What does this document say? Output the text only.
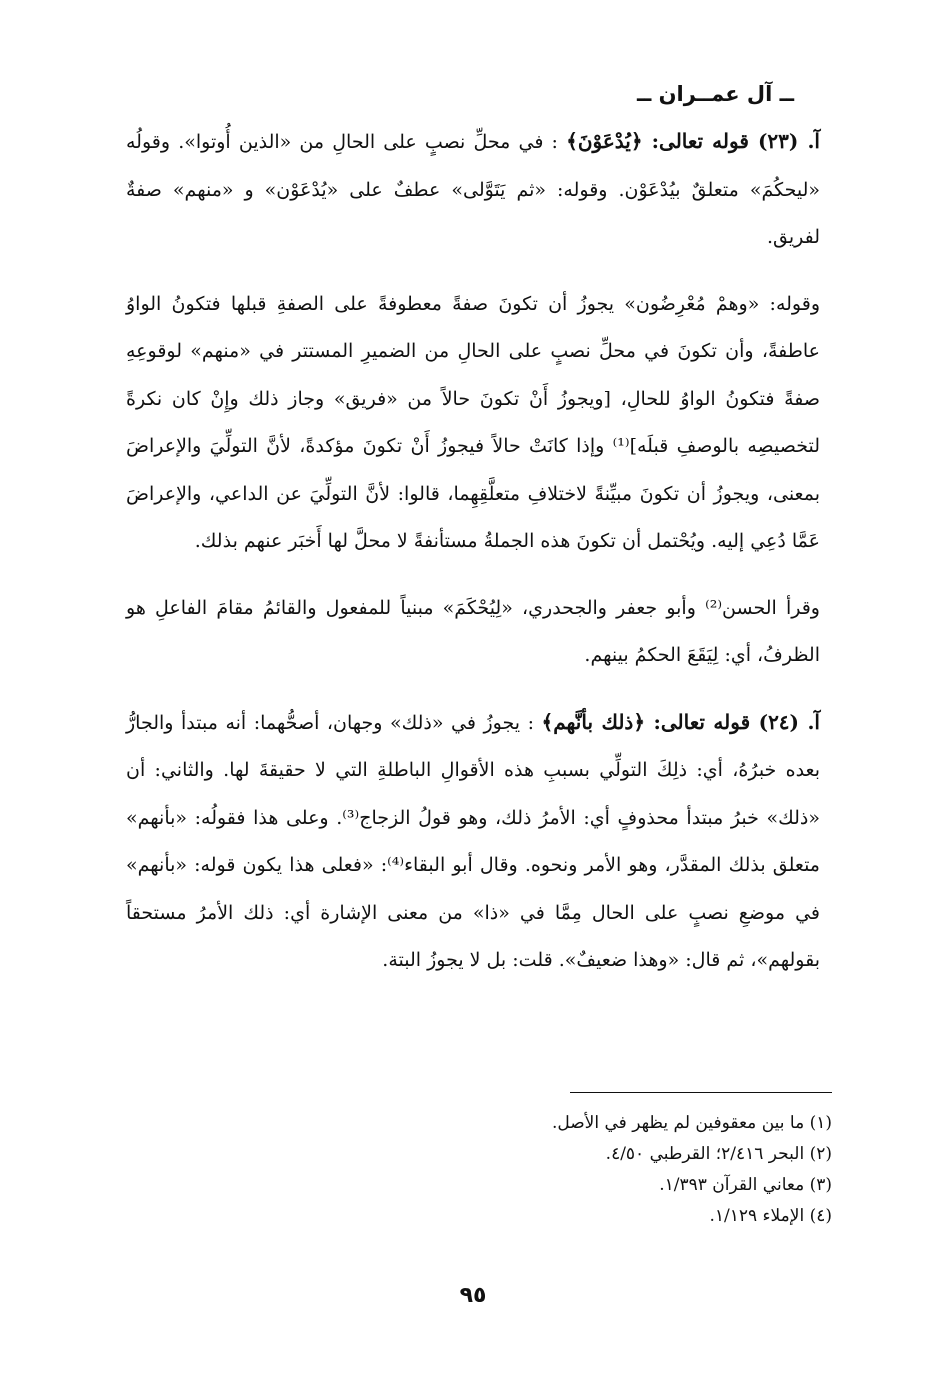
ــ آل عمــران ــ

آ. (٢٣) قوله تعالى: ﴿يُدْعَوْنَ﴾ : في محلِّ نصبٍ على الحالِ من «الذين أُوتوا». وقولُه «ليحكُمَ» متعلقٌ بيُدْعَوْن. وقوله: «ثم يَتَوَّلى» عطفٌ على «يُدْعَوْن» و «منهم» صفةٌ لفريق.

وقوله: «وهمْ مُعْرِضُون» يجوزُ أن تكونَ صفةً معطوفةً على الصفةِ قبلها فتكونُ الواوُ عاطفةً، وأن تكونَ في محلِّ نصبٍ على الحالِ من الضميرِ المستتر في «منهم» لوقوعِهِ صفةً فتكونُ الواوُ للحالِ، [ويجوزُ أَنْ تكونَ حالاً من «فريق» وجاز ذلك وإِنْ كان نكرةً لتخصيصِه بالوصفِ قبلَه]⁽¹⁾ وإذا كانَتْ حالاً فيجوزُ أَنْ تكونَ مؤكدةً، لأنَّ التولِّيَ والإعراضَ بمعنى، ويجوزُ أن تكونَ مبيِّنةً لاختلافِ متعلَّقِهِما، قالوا: لأنَّ التولِّيَ عن الداعي، والإعراضَ عَمَّا دُعِي إليه. ويُحْتمل أن تكونَ هذه الجملةُ مستأنفةً لا محلَّ لها أَخبَر عنهم بذلك.

وقرأ الحسن⁽²⁾ وأبو جعفر والجحدري، «لِيُحْكَمَ» مبنياً للمفعول والقائمُ مقامَ الفاعلِ هو الظرفُ، أي: لِيَقَعَ الحكمُ بينهم.

آ. (٢٤) قوله تعالى: ﴿ذلك بأنَّهم﴾ : يجوزُ في «ذلك» وجهان، أصحُّهما: أنه مبتدأ والجارُّ بعده خبرُهُ، أي: ذلِكَ التولِّي بسببِ هذه الأقوالِ الباطلةِ التي لا حقيقةَ لها. والثاني: أن «ذلك» خبرُ مبتدأ محذوفٍ أي: الأمرُ ذلك، وهو قولُ الزجاج⁽³⁾. وعلى هذا فقولُه: «بأنهم» متعلق بذلك المقدَّر، وهو الأمر ونحوه. وقال أبو البقاء⁽⁴⁾: «فعلى هذا يكون قوله: «بأنهم» في موضعِ نصبٍ على الحال مِمَّا في «ذا» من معنى الإشارة أي: ذلك الأمرُ مستحقاً بقولهم»، ثم قال: «وهذا ضعيفٌ». قلت: بل لا يجوزُ البتة.

(١) ما بين معقوفين لم يظهر في الأصل.
(٢) البحر ٢/٤١٦؛ القرطبي ٤/٥٠.
(٣) معاني القرآن ١/٣٩٣.
(٤) الإملاء ١/١٢٩.
٩٥
